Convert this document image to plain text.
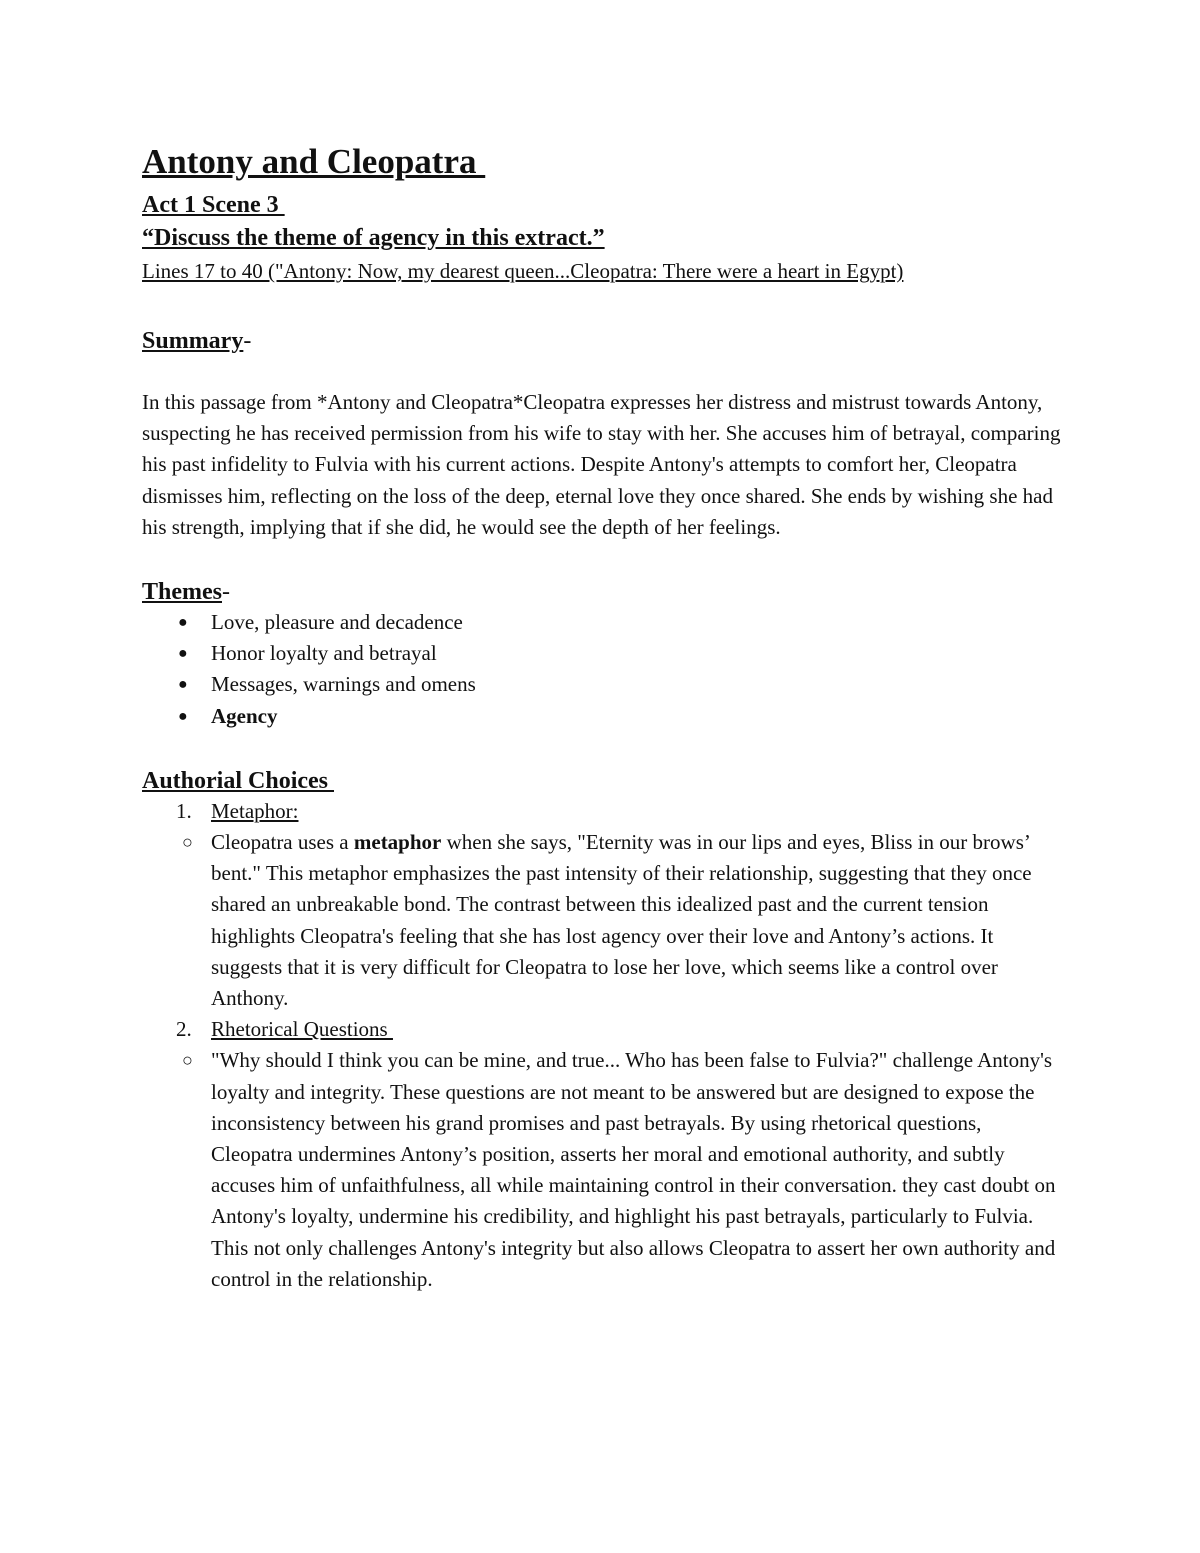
Antony and Cleopatra
Act 1 Scene 3
“Discuss the theme of agency in this extract.”
Lines 17 to 40 ("Antony: Now, my dearest queen...Cleopatra: There were a heart in Egypt)
Summary-

In this passage from *Antony and Cleopatra*Cleopatra expresses her distress and mistrust towards Antony, suspecting he has received permission from his wife to stay with her. She accuses him of betrayal, comparing his past infidelity to Fulvia with his current actions. Despite Antony's attempts to comfort her, Cleopatra dismisses him, reflecting on the loss of the deep, eternal love they once shared. She ends by wishing she had his strength, implying that if she did, he would see the depth of her feelings.

Themes-
● Love, pleasure and decadence
● Honor loyalty and betrayal
● Messages, warnings and omens
● Agency
Authorial Choices
1. Metaphor:
○ Cleopatra uses a metaphor when she says, "Eternity was in our lips and eyes, Bliss in our brows’ bent." This metaphor emphasizes the past intensity of their relationship, suggesting that they once shared an unbreakable bond. The contrast between this idealized past and the current tension highlights Cleopatra's feeling that she has lost agency over their love and Antony’s actions. It suggests that it is very difficult for Cleopatra to lose her love, which seems like a control over Anthony.
2. Rhetorical Questions
○ "Why should I think you can be mine, and true... Who has been false to Fulvia?" challenge Antony's loyalty and integrity. These questions are not meant to be answered but are designed to expose the inconsistency between his grand promises and past betrayals. By using rhetorical questions, Cleopatra undermines Antony’s position, asserts her moral and emotional authority, and subtly accuses him of unfaithfulness, all while maintaining control in their conversation. they cast doubt on Antony's loyalty, undermine his credibility, and highlight his past betrayals, particularly to Fulvia. This not only challenges Antony's integrity but also allows Cleopatra to assert her own authority and control in the relationship.
